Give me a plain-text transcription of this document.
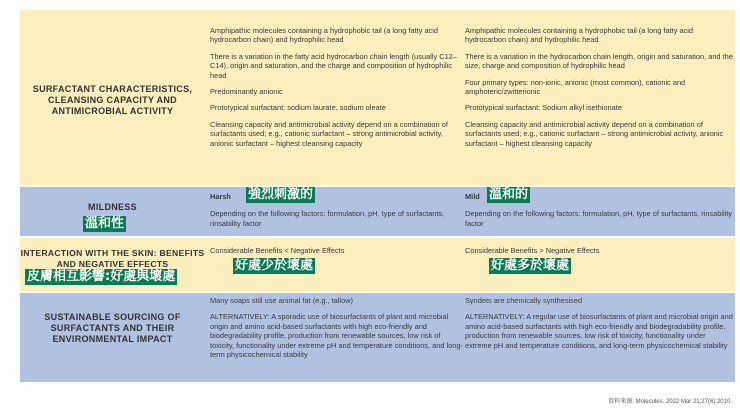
SURFACTANT CHARACTERISTICS, CLEANSING CAPACITY AND ANTIMICROBIAL ACTIVITY

Amphipathic molecules containing a hydrophobic tail (a long fatty acid hydrocarbon chain) and hydrophilic head

There is a variation in the fatty acid hydrocarbon chain length (usually C12–C14), origin and saturation, and the charge and composition of hydrophilic head

Predominantly anionic

Prototypical surfactant: sodium laurate, sodium oleate

Cleansing capacity and antimicrobial activity depend on a combination of surfactants used; e.g., cationic surfactant – strong antimicrobial activity, anionic surfactant – highest cleansing capacity

Amphipathic molecules containing a hydrophobic tail (a long fatty acid hydrocarbon chain) and hydrophilic head

There is a variation in the hydrocarbon chain length, origin and saturation, and the size, charge and composition of hydrophilic head

Four primary types: non-ionic, anionic (most common), cationic and amphoteric/zwitterionic

Prototypical surfactant: Sodium alkyl isethionate

Cleansing capacity and antimicrobial activity depend on a combination of surfactants used; e.g., cationic surfactant – strong antimicrobial activity, anionic surfactant – highest cleansing capacity

MILDNESS
溫和性

Harsh

Depending on the following factors: formulation, pH, type of surfactants, rinsability factor

強烈刺激的	Mild

Depending on the following factors: formulation, pH, type of surfactants, rinsability factor

溫和的
INTERACTION WITH THE SKIN: BENEFITS AND NEGATIVE EFFECTS
皮膚相互影響:好處與壞處
Considerable Benefits < Negative Effects
好處少於壞處
Considerable Benefits > Negative Effects
好處多於壞處
SUSTAINABLE SOURCING OF SURFACTANTS AND THEIR ENVIRONMENTAL IMPACT

Many soaps still use animal fat (e.g., tallow)

ALTERNATIVELY: A sporadic use of biosurfactants of plant and microbial origin and amino acid-based surfactants with high eco-friendly and biodegradability profile, production from renewable sources, low risk of toxicity, functionality under extreme pH and temperature conditions, and long-term physicochemical stability

Syndets are chemically synthesised

ALTERNATIVELY: A regular use of biosurfactants of plant and microbial origin and amino acid-based surfactants with high eco-friendly and biodegradability profile, production from renewable sources, low risk of toxicity, functionality under extreme pH and temperature conditions, and long-term physicochemical stability

資料來源: Molecules. 2022 Mar 21;27(6):2010.
